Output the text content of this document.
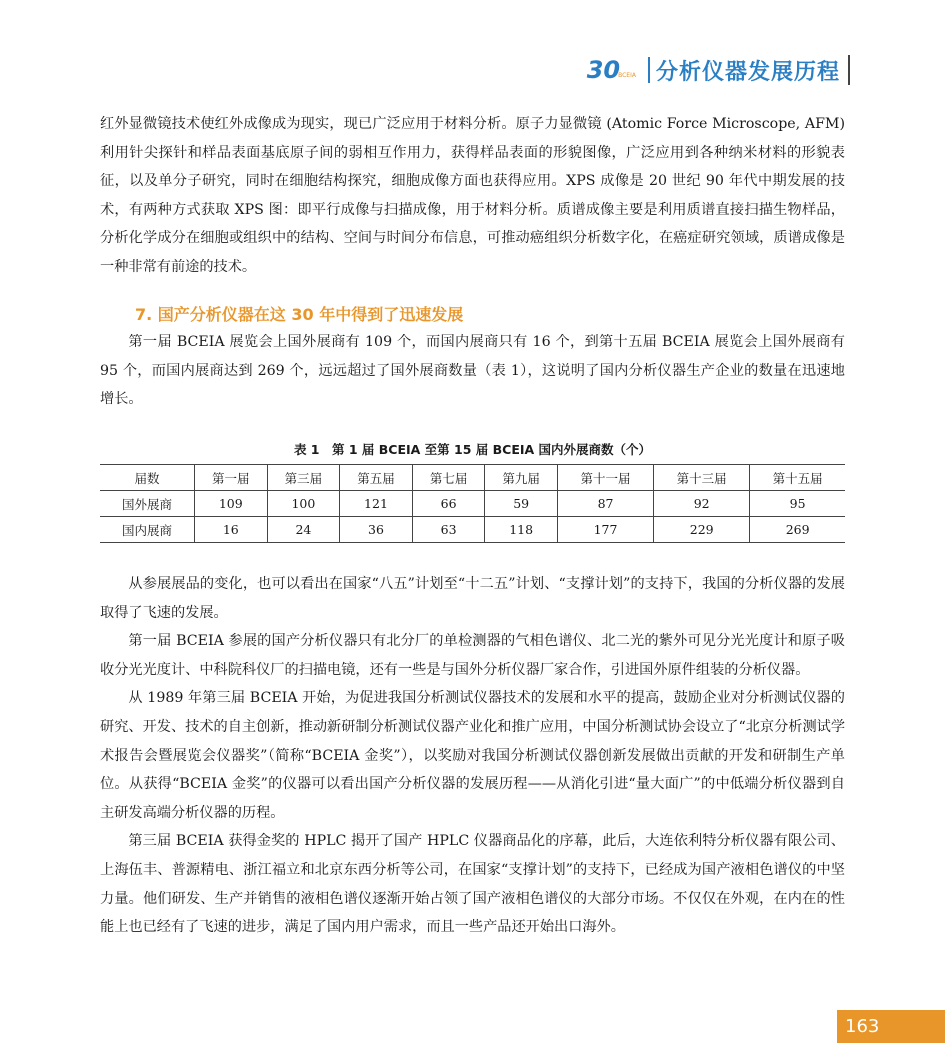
30
BCEIA 分析仪器发展历程

红外显微镜技术使红外成像成为现实，现已广泛应用于材料分析。原子力显微镜 (Atomic Force Microscope, AFM) 利用针尖探针和样品表面基底原子间的弱相互作用力，获得样品表面的形貌图像，广泛应用到各种纳米材料的形貌表征，以及单分子研究，同时在细胞结构探究，细胞成像方面也获得应用。XPS 成像是 20 世纪 90 年代中期发展的技术，有两种方式获取 XPS 图：即平行成像与扫描成像，用于材料分析。质谱成像主要是利用质谱直接扫描生物样品，分析化学成分在细胞或组织中的结构、空间与时间分布信息，可推动癌组织分析数字化，在癌症研究领域，质谱成像是一种非常有前途的技术。

7. 国产分析仪器在这 30 年中得到了迅速发展

第一届 BCEIA 展览会上国外展商有 109 个，而国内展商只有 16 个，到第十五届 BCEIA 展览会上国外展商有 95 个，而国内展商达到 269 个，远远超过了国外展商数量（表 1），这说明了国内分析仪器生产企业的数量在迅速地增长。

表 1　第 1 届 BCEIA 至第 15 届 BCEIA 国内外展商数（个）
届数	第一届	第三届	第五届	第七届	第九届	第十一届	第十三届	第十五届
国外展商	109	100	121	66	59	87	92	95
国内展商	16	24	36	63	118	177	229	269

从参展展品的变化，也可以看出在国家“八五”计划至“十二五”计划、“支撑计划”的支持下，我国的分析仪器的发展取得了飞速的发展。

第一届 BCEIA 参展的国产分析仪器只有北分厂的单检测器的气相色谱仪、北二光的紫外可见分光光度计和原子吸收分光光度计、中科院科仪厂的扫描电镜，还有一些是与国外分析仪器厂家合作，引进国外原件组装的分析仪器。

从 1989 年第三届 BCEIA 开始，为促进我国分析测试仪器技术的发展和水平的提高，鼓励企业对分析测试仪器的研究、开发、技术的自主创新，推动新研制分析测试仪器产业化和推广应用，中国分析测试协会设立了“北京分析测试学术报告会暨展览会仪器奖”（简称“BCEIA 金奖”），以奖励对我国分析测试仪器创新发展做出贡献的开发和研制生产单位。从获得“BCEIA 金奖”的仪器可以看出国产分析仪器的发展历程——从消化引进“量大面广”的中低端分析仪器到自主研发高端分析仪器的历程。

第三届 BCEIA 获得金奖的 HPLC 揭开了国产 HPLC 仪器商品化的序幕，此后，大连依利特分析仪器有限公司、上海伍丰、普源精电、浙江福立和北京东西分析等公司，在国家“支撑计划”的支持下，已经成为国产液相色谱仪的中坚力量。他们研发、生产并销售的液相色谱仪逐渐开始占领了国产液相色谱仪的大部分市场。不仅仅在外观，在内在的性能上也已经有了飞速的进步，满足了国内用户需求，而且一些产品还开始出口海外。

163
